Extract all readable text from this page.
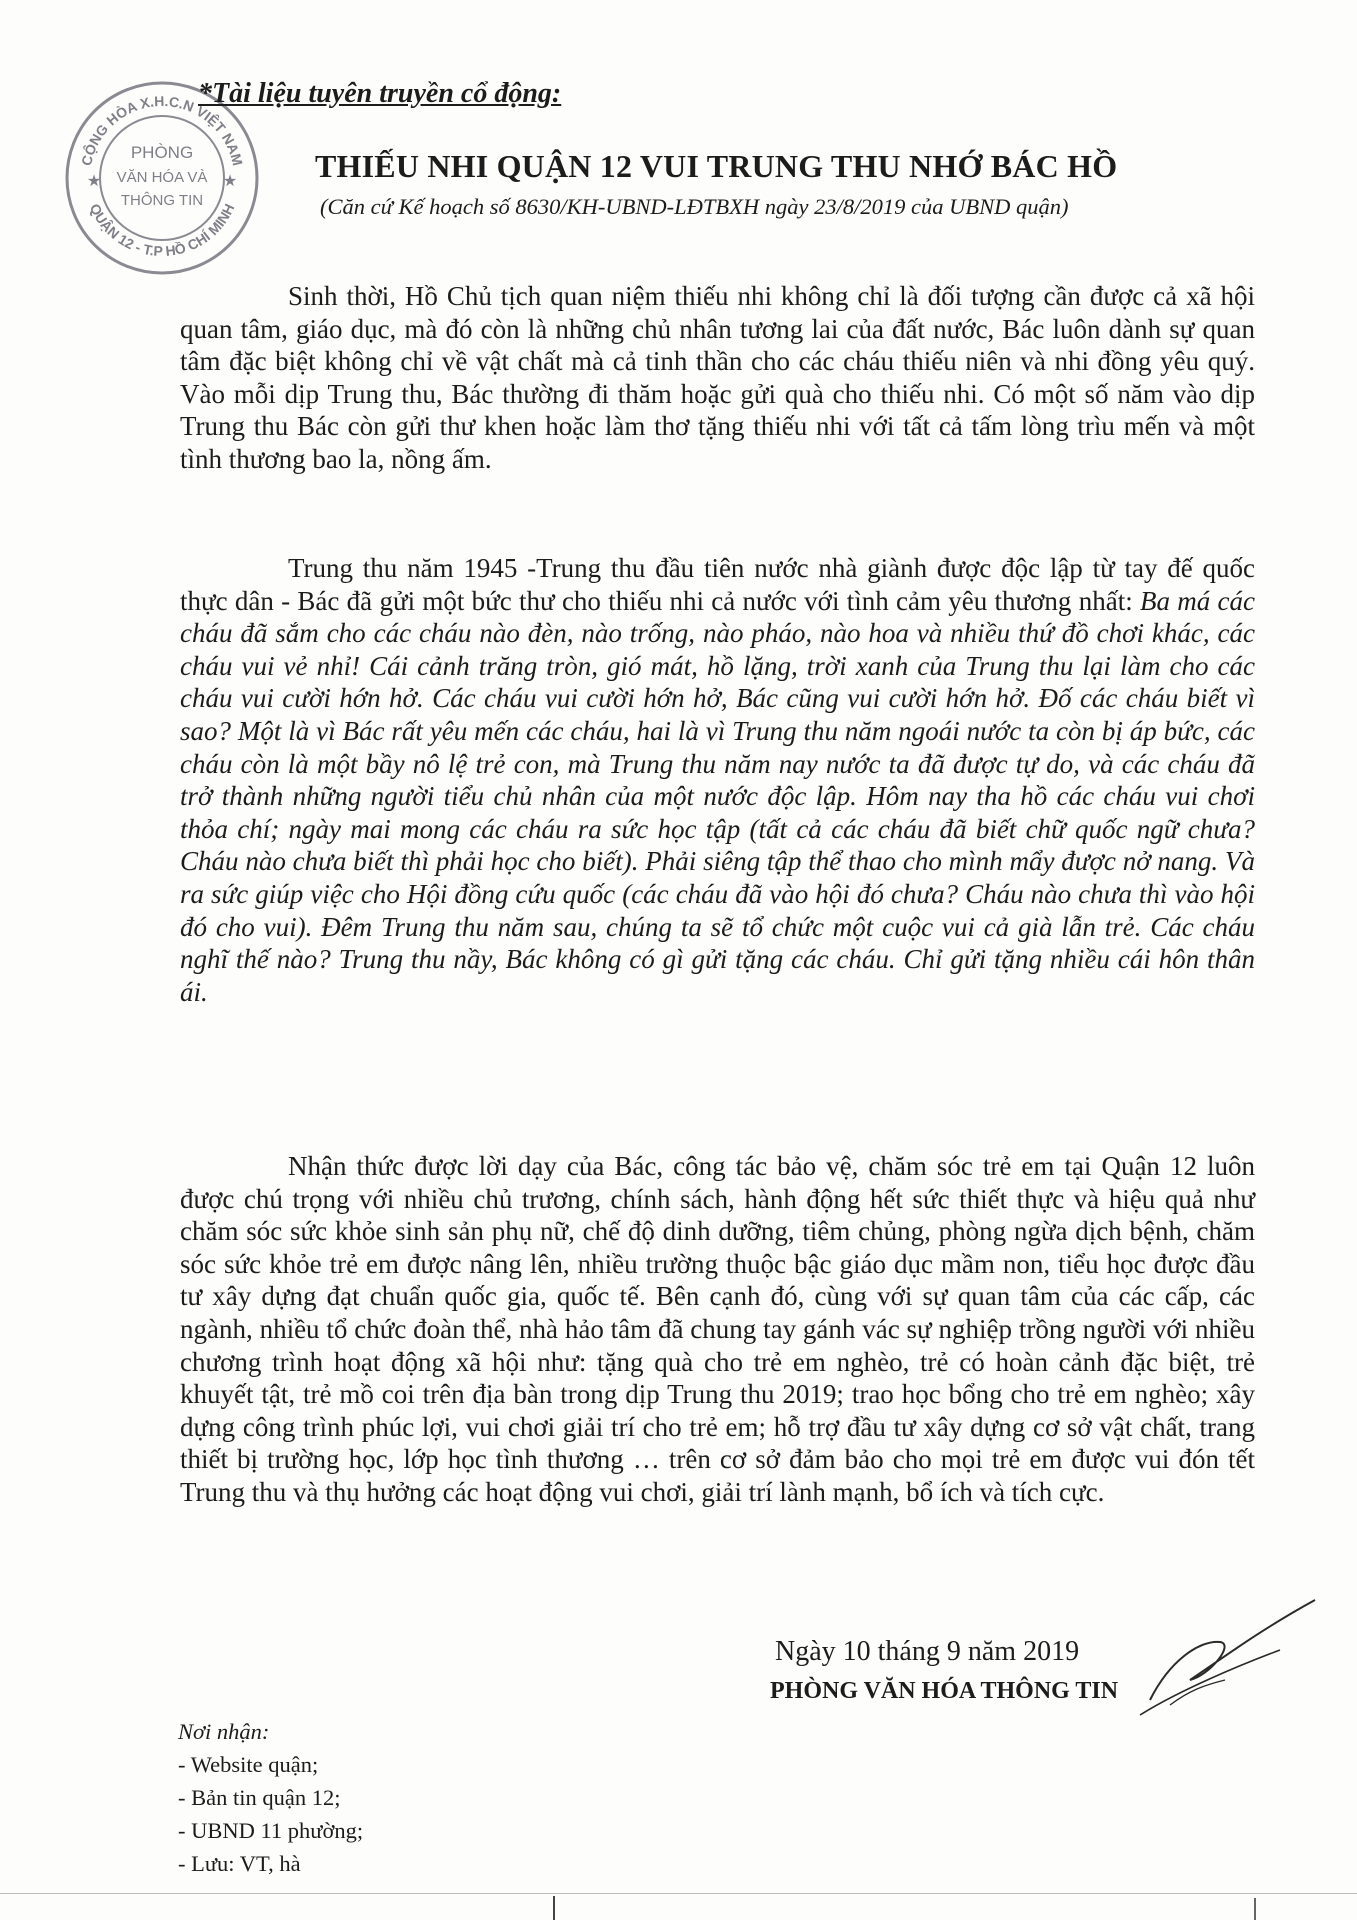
CỘNG HÒA X.H.C.N VIỆT NAM
QUẬN 12 - T.P HỒ CHÍ MINH
PHÒNG
VĂN HÓA VÀ
THÔNG TIN
★	★
*Tài liệu tuyên truyền cổ động:
THIẾU NHI QUẬN 12 VUI TRUNG THU NHỚ BÁC HỒ
(Căn cứ Kế hoạch số 8630/KH-UBND-LĐTBXH ngày 23/8/2019 của UBND quận)

Sinh thời, Hồ Chủ tịch quan niệm thiếu nhi không chỉ là đối tượng cần được cả xã hội quan tâm, giáo dục, mà đó còn là những chủ nhân tương lai của đất nước, Bác luôn dành sự quan tâm đặc biệt không chỉ về vật chất mà cả tinh thần cho các cháu thiếu niên và nhi đồng yêu quý. Vào mỗi dịp Trung thu, Bác thường đi thăm hoặc gửi quà cho thiếu nhi. Có một số năm vào dịp Trung thu Bác còn gửi thư khen hoặc làm thơ tặng thiếu nhi với tất cả tấm lòng trìu mến và một tình thương bao la, nồng ấm.

Trung thu năm 1945 -Trung thu đầu tiên nước nhà giành được độc lập từ tay đế quốc thực dân - Bác đã gửi một bức thư cho thiếu nhi cả nước với tình cảm yêu thương nhất: Ba má các cháu đã sắm cho các cháu nào đèn, nào trống, nào pháo, nào hoa và nhiều thứ đồ chơi khác, các cháu vui vẻ nhỉ! Cái cảnh trăng tròn, gió mát, hồ lặng, trời xanh của Trung thu lại làm cho các cháu vui cười hớn hở. Các cháu vui cười hớn hở, Bác cũng vui cười hớn hở. Đố các cháu biết vì sao? Một là vì Bác rất yêu mến các cháu, hai là vì Trung thu năm ngoái nước ta còn bị áp bức, các cháu còn là một bầy nô lệ trẻ con, mà Trung thu năm nay nước ta đã được tự do, và các cháu đã trở thành những người tiểu chủ nhân của một nước độc lập. Hôm nay tha hồ các cháu vui chơi thỏa chí; ngày mai mong các cháu ra sức học tập (tất cả các cháu đã biết chữ quốc ngữ chưa? Cháu nào chưa biết thì phải học cho biết). Phải siêng tập thể thao cho mình mẩy được nở nang. Và ra sức giúp việc cho Hội đồng cứu quốc (các cháu đã vào hội đó chưa? Cháu nào chưa thì vào hội đó cho vui). Đêm Trung thu năm sau, chúng ta sẽ tổ chức một cuộc vui cả già lẫn trẻ. Các cháu nghĩ thế nào? Trung thu nầy, Bác không có gì gửi tặng các cháu. Chỉ gửi tặng nhiều cái hôn thân ái.

Nhận thức được lời dạy của Bác, công tác bảo vệ, chăm sóc trẻ em tại Quận 12 luôn được chú trọng với nhiều chủ trương, chính sách, hành động hết sức thiết thực và hiệu quả như chăm sóc sức khỏe sinh sản phụ nữ, chế độ dinh dưỡng, tiêm chủng, phòng ngừa dịch bệnh, chăm sóc sức khỏe trẻ em được nâng lên, nhiều trường thuộc bậc giáo dục mầm non, tiểu học được đầu tư xây dựng đạt chuẩn quốc gia, quốc tế. Bên cạnh đó, cùng với sự quan tâm của các cấp, các ngành, nhiều tổ chức đoàn thể, nhà hảo tâm đã chung tay gánh vác sự nghiệp trồng người với nhiều chương trình hoạt động xã hội như: tặng quà cho trẻ em nghèo, trẻ có hoàn cảnh đặc biệt, trẻ khuyết tật, trẻ mồ coi trên địa bàn trong dịp Trung thu 2019; trao học bổng cho trẻ em nghèo; xây dựng công trình phúc lợi, vui chơi giải trí cho trẻ em; hỗ trợ đầu tư xây dựng cơ sở vật chất, trang thiết bị trường học, lớp học tình thương … trên cơ sở đảm bảo cho mọi trẻ em được vui đón tết Trung thu và thụ hưởng các hoạt động vui chơi, giải trí lành mạnh, bổ ích và tích cực.

Ngày 10 tháng 9 năm 2019
PHÒNG VĂN HÓA THÔNG TIN
Nơi nhận:
- Website quận;
- Bản tin quận 12;
- UBND 11 phường;
- Lưu: VT, hà
